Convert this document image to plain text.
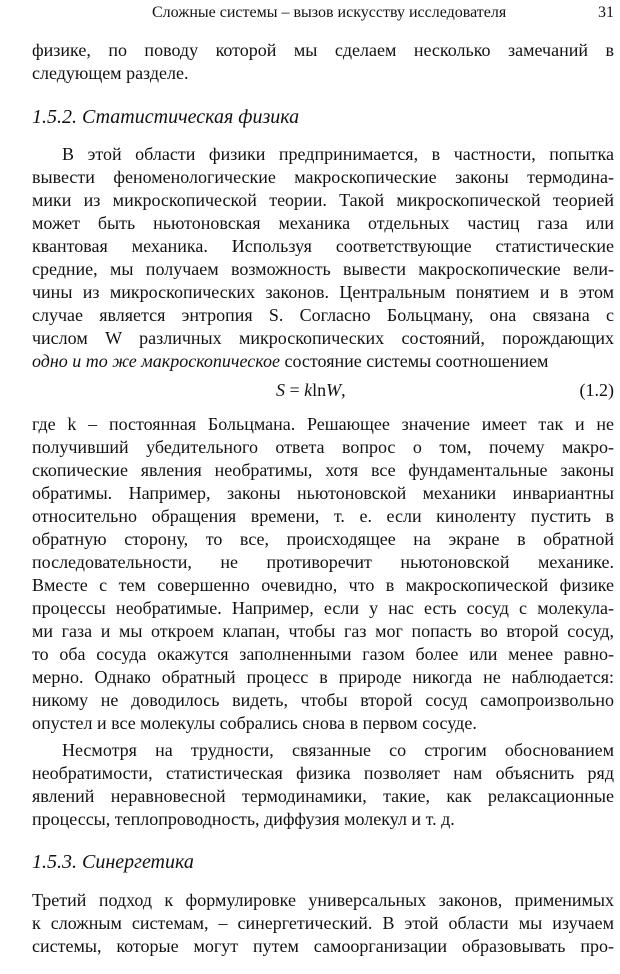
Сложные системы – вызов искусству исследователя	31
физике, по поводу которой мы сделаем несколько замечаний в
следующем разделе.
1.5.2. Статистическая физика
В этой области физики предпринимается, в частности, попытка
вывести феноменологические макроскопические законы термодина-
мики из микроскопической теории. Такой микроскопической теорией
может быть ньютоновская механика отдельных частиц газа или
квантовая механика. Используя соответствующие статистические
средние, мы получаем возможность вывести макроскопические вели-
чины из микроскопических законов. Центральным понятием и в этом
случае является энтропия S. Согласно Больцману, она связана с
числом W различных микроскопических состояний, порождающих
одно и то же макроскопическое состояние системы соотношением
S = klnW,	(1.2)
где k – постоянная Больцмана. Решающее значение имеет так и не
получивший убедительного ответа вопрос о том, почему макро-
скопические явления необратимы, хотя все фундаментальные законы
обратимы. Например, законы ньютоновской механики инвариантны
относительно обращения времени, т. е. если киноленту пустить в
обратную сторону, то все, происходящее на экране в обратной
последовательности, не противоречит ньютоновской механике.
Вместе с тем совершенно очевидно, что в макроскопической физике
процессы необратимые. Например, если у нас есть сосуд с молекула-
ми газа и мы откроем клапан, чтобы газ мог попасть во второй сосуд,
то оба сосуда окажутся заполненными газом более или менее равно-
мерно. Однако обратный процесс в природе никогда не наблюдается:
никому не доводилось видеть, чтобы второй сосуд самопроизвольно
опустел и все молекулы собрались снова в первом сосуде.
Несмотря на трудности, связанные со строгим обоснованием
необратимости, статистическая физика позволяет нам объяснить ряд
явлений неравновесной термодинамики, такие, как релаксационные
процессы, теплопроводность, диффузия молекул и т. д.
1.5.3. Синергетика
Третий подход к формулировке универсальных законов, применимых
к сложным системам, – синергетический. В этой области мы изучаем
системы, которые могут путем самоорганизации образовывать про-
